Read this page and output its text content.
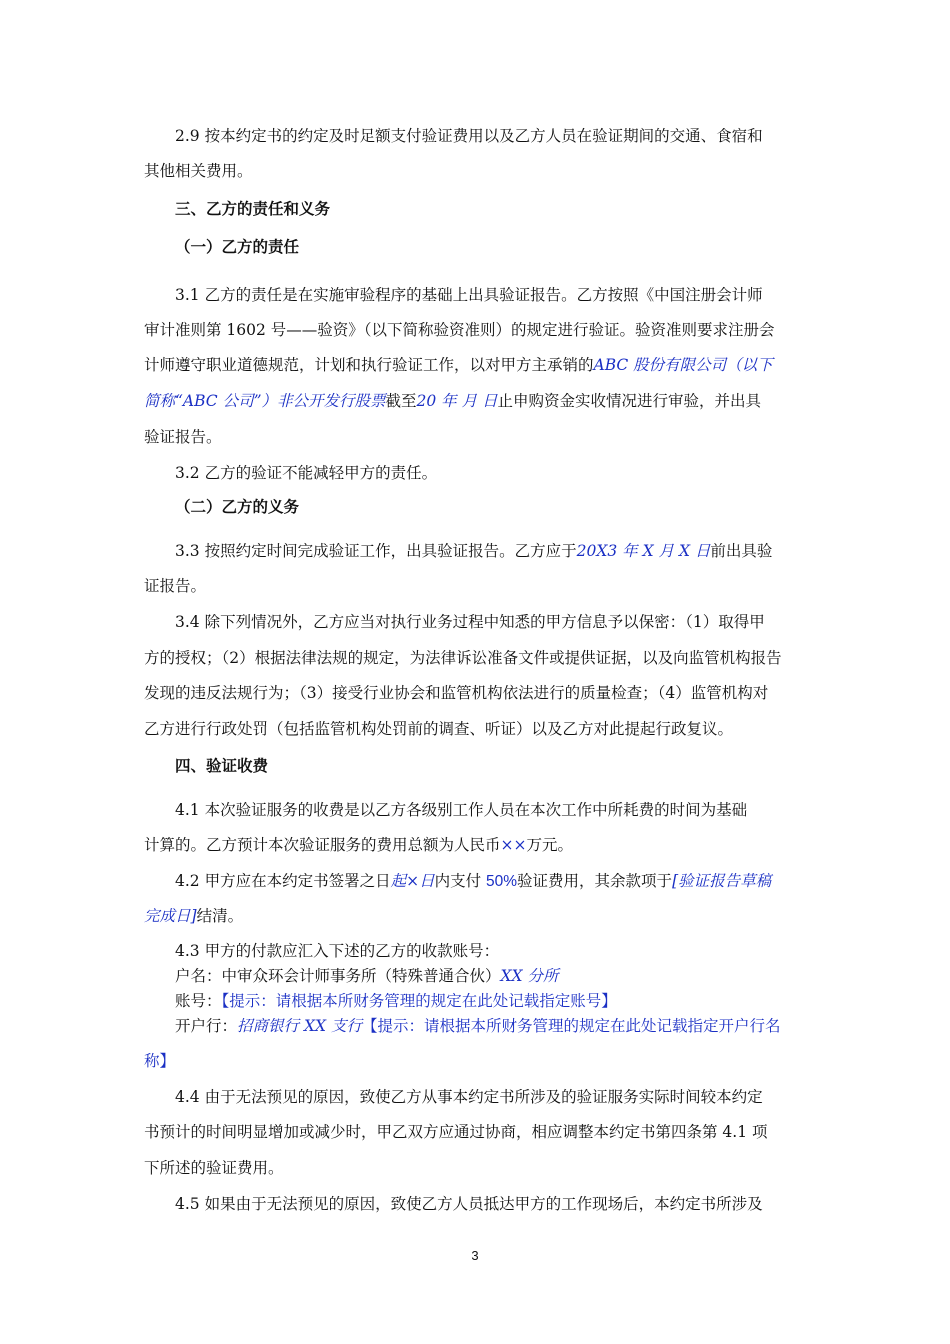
2.9 按本约定书的约定及时足额支付验证费用以及乙方人员在验证期间的交通、食宿和
其他相关费用。
三、乙方的责任和义务
（一）乙方的责任
3.1 乙方的责任是在实施审验程序的基础上出具验证报告。乙方按照《中国注册会计师
审计准则第 1602 号——验资》（以下简称验资准则）的规定进行验证。验资准则要求注册会
计师遵守职业道德规范，计划和执行验证工作，以对甲方主承销的ABC 股份有限公司（以下
简称“ABC 公司”）非公开发行股票截至20 年 月 日止申购资金实收情况进行审验，并出具
验证报告。
3.2 乙方的验证不能减轻甲方的责任。
（二）乙方的义务
3.3 按照约定时间完成验证工作，出具验证报告。乙方应于20X3 年 X 月 X 日前出具验
证报告。
3.4 除下列情况外，乙方应当对执行业务过程中知悉的甲方信息予以保密：（1）取得甲
方的授权；（2）根据法律法规的规定，为法律诉讼准备文件或提供证据，以及向监管机构报告
发现的违反法规行为；（3）接受行业协会和监管机构依法进行的质量检查；（4）监管机构对
乙方进行行政处罚（包括监管机构处罚前的调查、听证）以及乙方对此提起行政复议。
四、验证收费
4.1 本次验证服务的收费是以乙方各级别工作人员在本次工作中所耗费的时间为基础
计算的。乙方预计本次验证服务的费用总额为人民币××万元。
4.2 甲方应在本约定书签署之日起×日内支付 50%验证费用，其余款项于[验证报告草稿
完成日]结清。
4.3 甲方的付款应汇入下述的乙方的收款账号：
户名：中审众环会计师事务所（特殊普通合伙）XX 分所
账号：【提示：请根据本所财务管理的规定在此处记载指定账号】
开户行：招商银行 XX 支行【提示：请根据本所财务管理的规定在此处记载指定开户行名
称】
4.4 由于无法预见的原因，致使乙方从事本约定书所涉及的验证服务实际时间较本约定
书预计的时间明显增加或减少时，甲乙双方应通过协商，相应调整本约定书第四条第 4.1 项
下所述的验证费用。
4.5 如果由于无法预见的原因，致使乙方人员抵达甲方的工作现场后，本约定书所涉及
3
